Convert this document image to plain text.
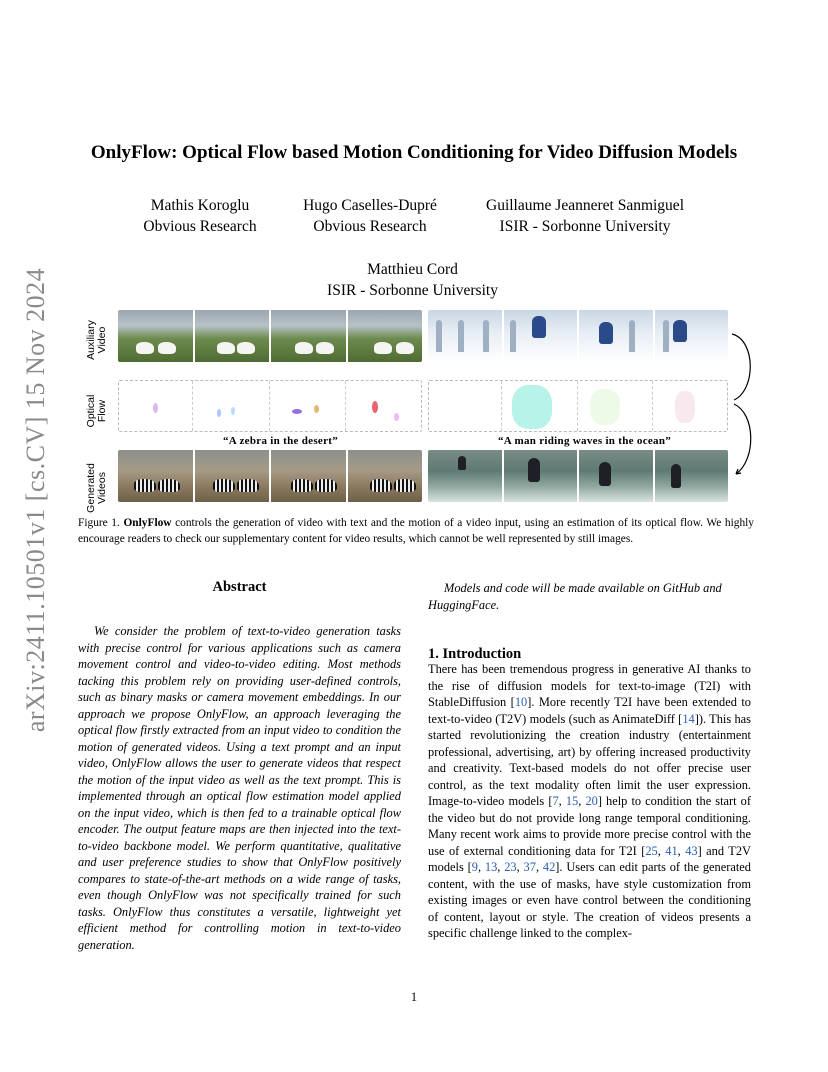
arXiv:2411.10501v1 [cs.CV] 15 Nov 2024
OnlyFlow: Optical Flow based Motion Conditioning for Video Diffusion Models
Mathis Koroglu
Obvious Research
Hugo Caselles-Dupré
Obvious Research
Guillaume Jeanneret Sanmiguel
ISIR - Sorbonne University
Matthieu Cord
ISIR - Sorbonne University
Auxiliary Video
Optical Flow
Generated Videos
“A zebra in the desert”	“A man riding waves in the ocean”
Figure 1. OnlyFlow controls the generation of video with text and the motion of a video input, using an estimation of its optical flow. We highly encourage readers to check our supplementary content for video results, which cannot be well represented by still images.
Abstract
We consider the problem of text-to-video generation tasks with precise control for various applications such as camera movement control and video-to-video editing. Most methods tacking this problem rely on providing user-defined controls, such as binary masks or camera movement embeddings. In our approach we propose OnlyFlow, an approach leveraging the optical flow firstly extracted from an input video to condition the motion of generated videos. Using a text prompt and an input video, OnlyFlow allows the user to generate videos that respect the motion of the input video as well as the text prompt. This is implemented through an optical flow estimation model applied on the input video, which is then fed to a trainable optical flow encoder. The output feature maps are then injected into the text-to-video backbone model. We perform quantitative, qualitative and user preference studies to show that OnlyFlow positively compares to state-of-the-art methods on a wide range of tasks, even though OnlyFlow was not specifically trained for such tasks. OnlyFlow thus constitutes a versatile, lightweight yet efficient method for controlling motion in text-to-video generation.
Models and code will be made available on GitHub and HuggingFace.
1. Introduction
There has been tremendous progress in generative AI thanks to the rise of diffusion models for text-to-image (T2I) with StableDiffusion [10]. More recently T2I have been extended to text-to-video (T2V) models (such as AnimateDiff [14]). This has started revolutionizing the creation industry (entertainment professional, advertising, art) by offering increased productivity and creativity. Text-based models do not offer precise user control, as the text modality often limit the user expression. Image-to-video models [7, 15, 20] help to condition the start of the video but do not provide long range temporal conditioning. Many recent work aims to provide more precise control with the use of external conditioning data for T2I [25, 41, 43] and T2V models [9, 13, 23, 37, 42]. Users can edit parts of the generated content, with the use of masks, have style customization from existing images or even have control between the conditioning of content, layout or style. The creation of videos presents a specific challenge linked to the complex-
1
